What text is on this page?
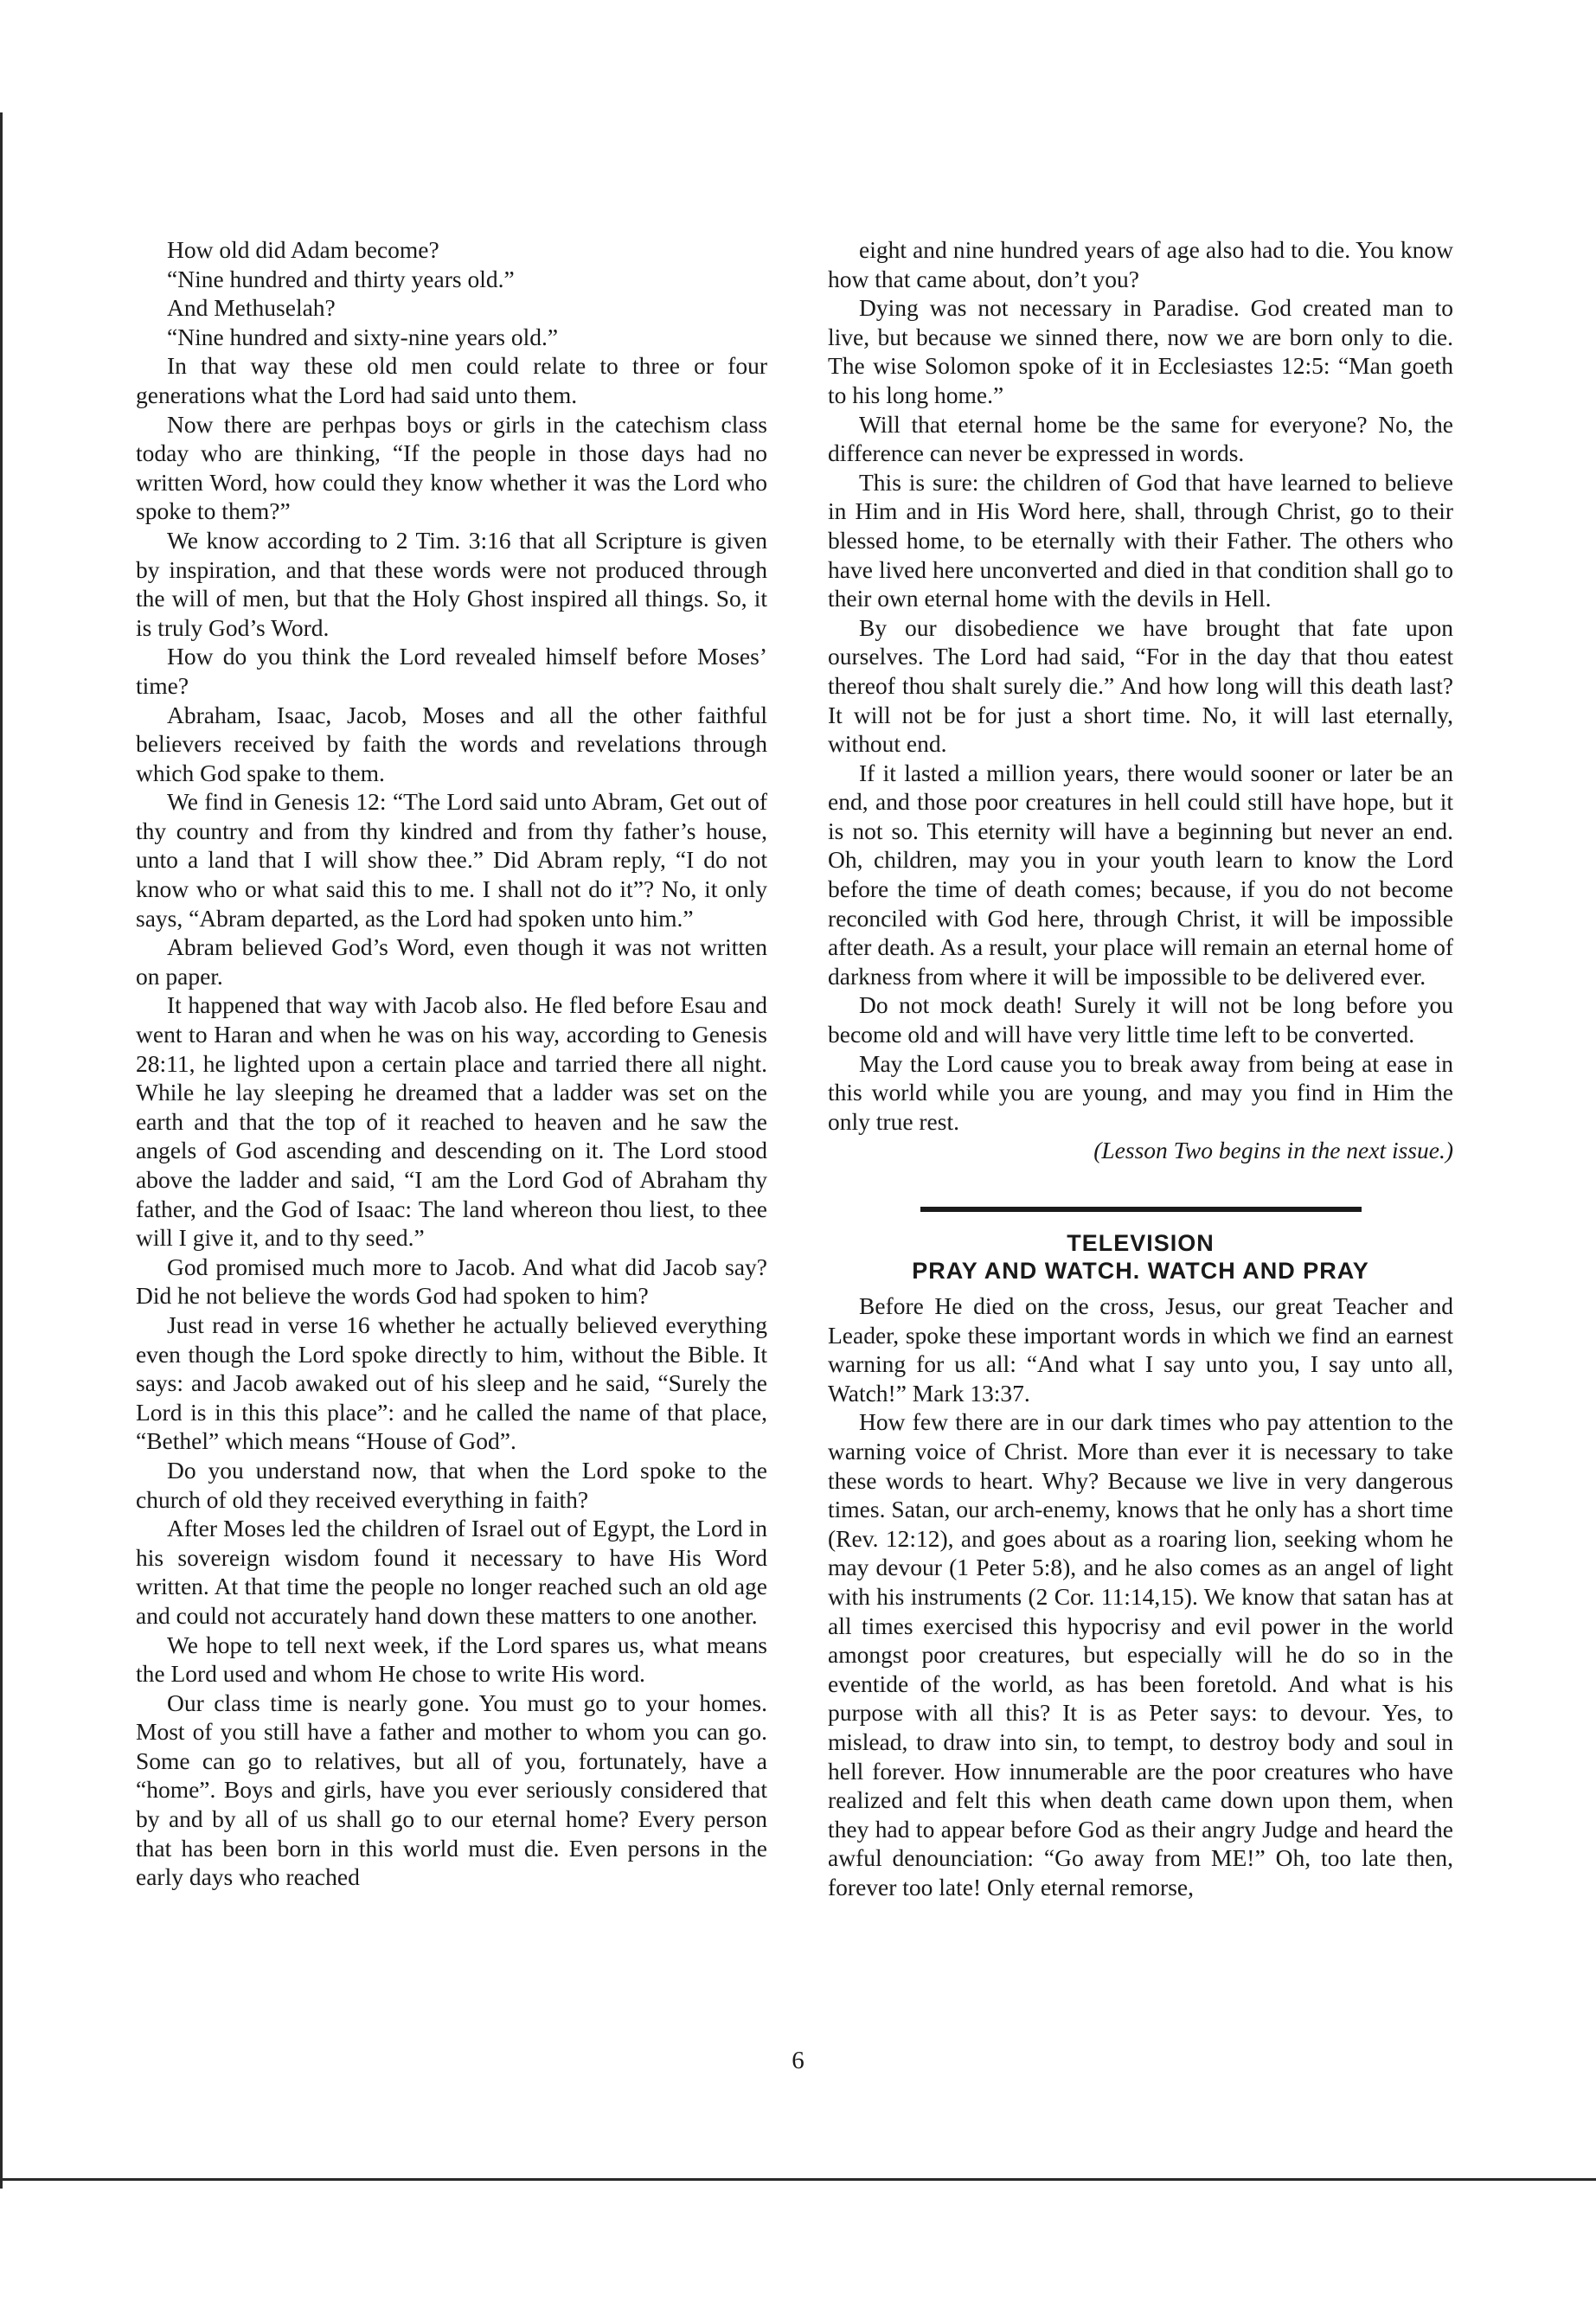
How old did Adam become?

“Nine hundred and thirty years old.”

And Methuselah?

“Nine hundred and sixty-nine years old.”

In that way these old men could relate to three or four generations what the Lord had said unto them.

Now there are perhpas boys or girls in the catechism class today who are thinking, “If the people in those days had no written Word, how could they know whether it was the Lord who spoke to them?”

We know according to 2 Tim. 3:16 that all Scripture is given by inspiration, and that these words were not produced through the will of men, but that the Holy Ghost inspired all things. So, it is truly God’s Word.

How do you think the Lord revealed himself before Moses’ time?

Abraham, Isaac, Jacob, Moses and all the other faithful believers received by faith the words and revelations through which God spake to them.

We find in Genesis 12: “The Lord said unto Abram, Get out of thy country and from thy kindred and from thy father’s house, unto a land that I will show thee.” Did Abram reply, “I do not know who or what said this to me. I shall not do it”? No, it only says, “Abram departed, as the Lord had spoken unto him.”

Abram believed God’s Word, even though it was not written on paper.

It happened that way with Jacob also. He fled before Esau and went to Haran and when he was on his way, according to Genesis 28:11, he lighted upon a certain place and tarried there all night. While he lay sleeping he dreamed that a ladder was set on the earth and that the top of it reached to heaven and he saw the angels of God ascending and descending on it. The Lord stood above the ladder and said, “I am the Lord God of Abraham thy father, and the God of Isaac: The land whereon thou liest, to thee will I give it, and to thy seed.”

God promised much more to Jacob. And what did Jacob say? Did he not believe the words God had spoken to him?

Just read in verse 16 whether he actually believed everything even though the Lord spoke directly to him, without the Bible. It says: and Jacob awaked out of his sleep and he said, “Surely the Lord is in this this place”: and he called the name of that place, “Bethel” which means “House of God”.

Do you understand now, that when the Lord spoke to the church of old they received everything in faith?

After Moses led the children of Israel out of Egypt, the Lord in his sovereign wisdom found it necessary to have His Word written. At that time the people no longer reached such an old age and could not accurately hand down these matters to one another.

We hope to tell next week, if the Lord spares us, what means the Lord used and whom He chose to write His word.

Our class time is nearly gone. You must go to your homes. Most of you still have a father and mother to whom you can go. Some can go to relatives, but all of you, fortunately, have a “home”. Boys and girls, have you ever seriously considered that by and by all of us shall go to our eternal home? Every person that has been born in this world must die. Even persons in the early days who reached

eight and nine hundred years of age also had to die. You know how that came about, don’t you?

Dying was not necessary in Paradise. God created man to live, but because we sinned there, now we are born only to die. The wise Solomon spoke of it in Ecclesiastes 12:5: “Man goeth to his long home.”

Will that eternal home be the same for everyone? No, the difference can never be expressed in words.

This is sure: the children of God that have learned to believe in Him and in His Word here, shall, through Christ, go to their blessed home, to be eternally with their Father. The others who have lived here unconverted and died in that condition shall go to their own eternal home with the devils in Hell.

By our disobedience we have brought that fate upon ourselves. The Lord had said, “For in the day that thou eatest thereof thou shalt surely die.” And how long will this death last? It will not be for just a short time. No, it will last eternally, without end.

If it lasted a million years, there would sooner or later be an end, and those poor creatures in hell could still have hope, but it is not so. This eternity will have a beginning but never an end. Oh, children, may you in your youth learn to know the Lord before the time of death comes; because, if you do not become reconciled with God here, through Christ, it will be impossible after death. As a result, your place will remain an eternal home of darkness from where it will be impossible to be delivered ever.

Do not mock death! Surely it will not be long before you become old and will have very little time left to be converted.

May the Lord cause you to break away from being at ease in this world while you are young, and may you find in Him the only true rest.

(Lesson Two begins in the next issue.)

TELEVISION

PRAY AND WATCH. WATCH AND PRAY

Before He died on the cross, Jesus, our great Teacher and Leader, spoke these important words in which we find an earnest warning for us all: “And what I say unto you, I say unto all, Watch!” Mark 13:37.

How few there are in our dark times who pay attention to the warning voice of Christ. More than ever it is necessary to take these words to heart. Why? Because we live in very dangerous times. Satan, our arch-enemy, knows that he only has a short time (Rev. 12:12), and goes about as a roaring lion, seeking whom he may devour (1 Peter 5:8), and he also comes as an angel of light with his instruments (2 Cor. 11:14,15). We know that satan has at all times exercised this hypocrisy and evil power in the world amongst poor creatures, but especially will he do so in the eventide of the world, as has been foretold. And what is his purpose with all this? It is as Peter says: to devour. Yes, to mislead, to draw into sin, to tempt, to destroy body and soul in hell forever. How innumerable are the poor creatures who have realized and felt this when death came down upon them, when they had to appear before God as their angry Judge and heard the awful denounciation: “Go away from ME!” Oh, too late then, forever too late! Only eternal remorse,

6
